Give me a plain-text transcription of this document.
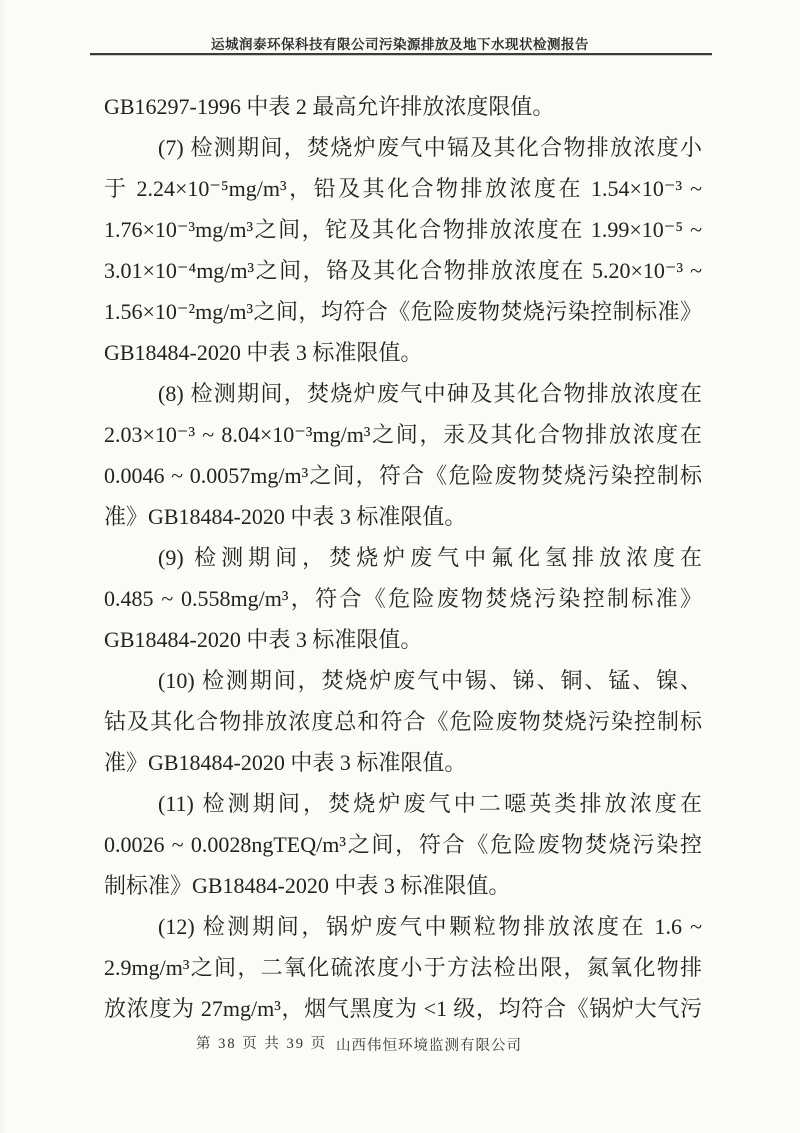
运城润泰环保科技有限公司污染源排放及地下水现状检测报告
GB16297-1996 中表 2 最高允许排放浓度限值。
(7) 检测期间，焚烧炉废气中镉及其化合物排放浓度小
于 2.24×10⁻⁵mg/m³，铅及其化合物排放浓度在 1.54×10⁻³ ~
1.76×10⁻³mg/m³之间，铊及其化合物排放浓度在 1.99×10⁻⁵ ~
3.01×10⁻⁴mg/m³之间，铬及其化合物排放浓度在 5.20×10⁻³ ~
1.56×10⁻²mg/m³之间，均符合《危险废物焚烧污染控制标准》
GB18484-2020 中表 3 标准限值。
(8) 检测期间，焚烧炉废气中砷及其化合物排放浓度在
2.03×10⁻³ ~ 8.04×10⁻³mg/m³之间，汞及其化合物排放浓度在
0.0046 ~ 0.0057mg/m³之间，符合《危险废物焚烧污染控制标
准》GB18484-2020 中表 3 标准限值。
(9) 检测期间，焚烧炉废气中氟化氢排放浓度在
0.485 ~ 0.558mg/m³，符合《危险废物焚烧污染控制标准》
GB18484-2020 中表 3 标准限值。
(10) 检测期间，焚烧炉废气中锡、锑、铜、锰、镍、
钴及其化合物排放浓度总和符合《危险废物焚烧污染控制标
准》GB18484-2020 中表 3 标准限值。
(11) 检测期间，焚烧炉废气中二噁英类排放浓度在
0.0026 ~ 0.0028ngTEQ/m³之间，符合《危险废物焚烧污染控
制标准》GB18484-2020 中表 3 标准限值。
(12) 检测期间，锅炉废气中颗粒物排放浓度在 1.6 ~
2.9mg/m³之间，二氧化硫浓度小于方法检出限，氮氧化物排
放浓度为 27mg/m³，烟气黑度为 <1 级，均符合《锅炉大气污
第 38 页 共 39 页 山西伟恒环境监测有限公司
